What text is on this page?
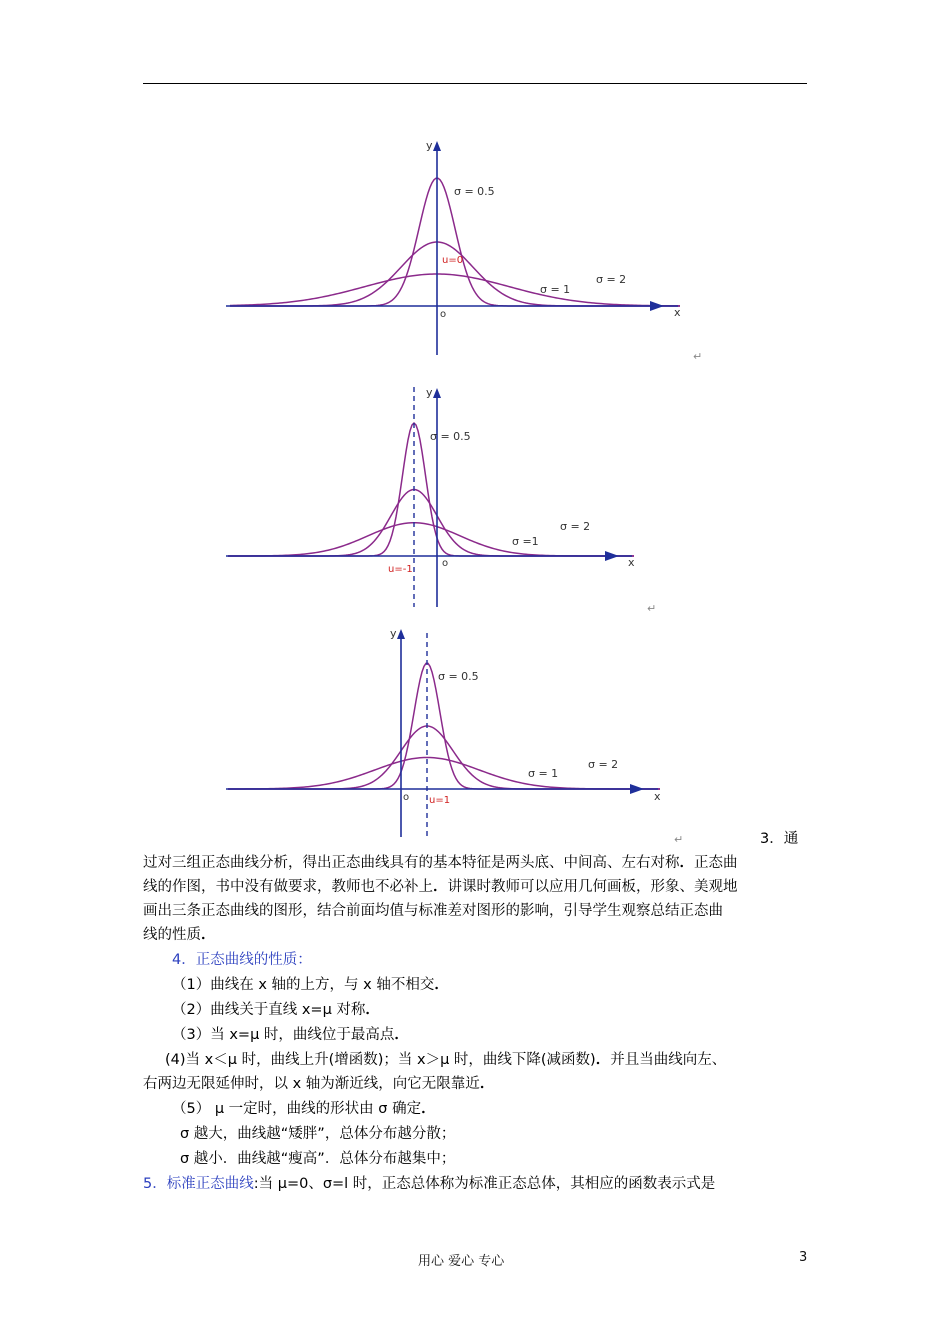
y
x
o
u=0
σ = 0.5
σ = 1
σ = 2
↵
y
x
o
u=-1
σ = 0.5
σ =1
σ = 2
↵
y
x
o u=1
σ = 0.5
σ = 1
σ = 2
↵	3．通
过对三组正态曲线分析，得出正态曲线具有的基本特征是两头底、中间高、左右对称．正态曲
线的作图，书中没有做要求，教师也不必补上．讲课时教师可以应用几何画板，形象、美观地
画出三条正态曲线的图形，结合前面均值与标准差对图形的影响，引导学生观察总结正态曲
线的性质．
4．正态曲线的性质：
（1）曲线在 x 轴的上方，与 x 轴不相交．
（2）曲线关于直线 x=μ 对称．
（3）当 x=μ 时，曲线位于最高点．
(4)当 x＜μ 时，曲线上升(增函数)；当 x＞μ 时，曲线下降(减函数)．并且当曲线向左、
右两边无限延伸时，以 x 轴为渐近线，向它无限靠近．
（5） μ 一定时，曲线的形状由 σ 确定．
σ 越大，曲线越“矮胖”，总体分布越分散；
σ 越小．曲线越“瘦高”．总体分布越集中；
5．标准正态曲线:当 μ=0、σ=l 时，正态总体称为标准正态总体，其相应的函数表示式是
用心 爱心 专心	3
